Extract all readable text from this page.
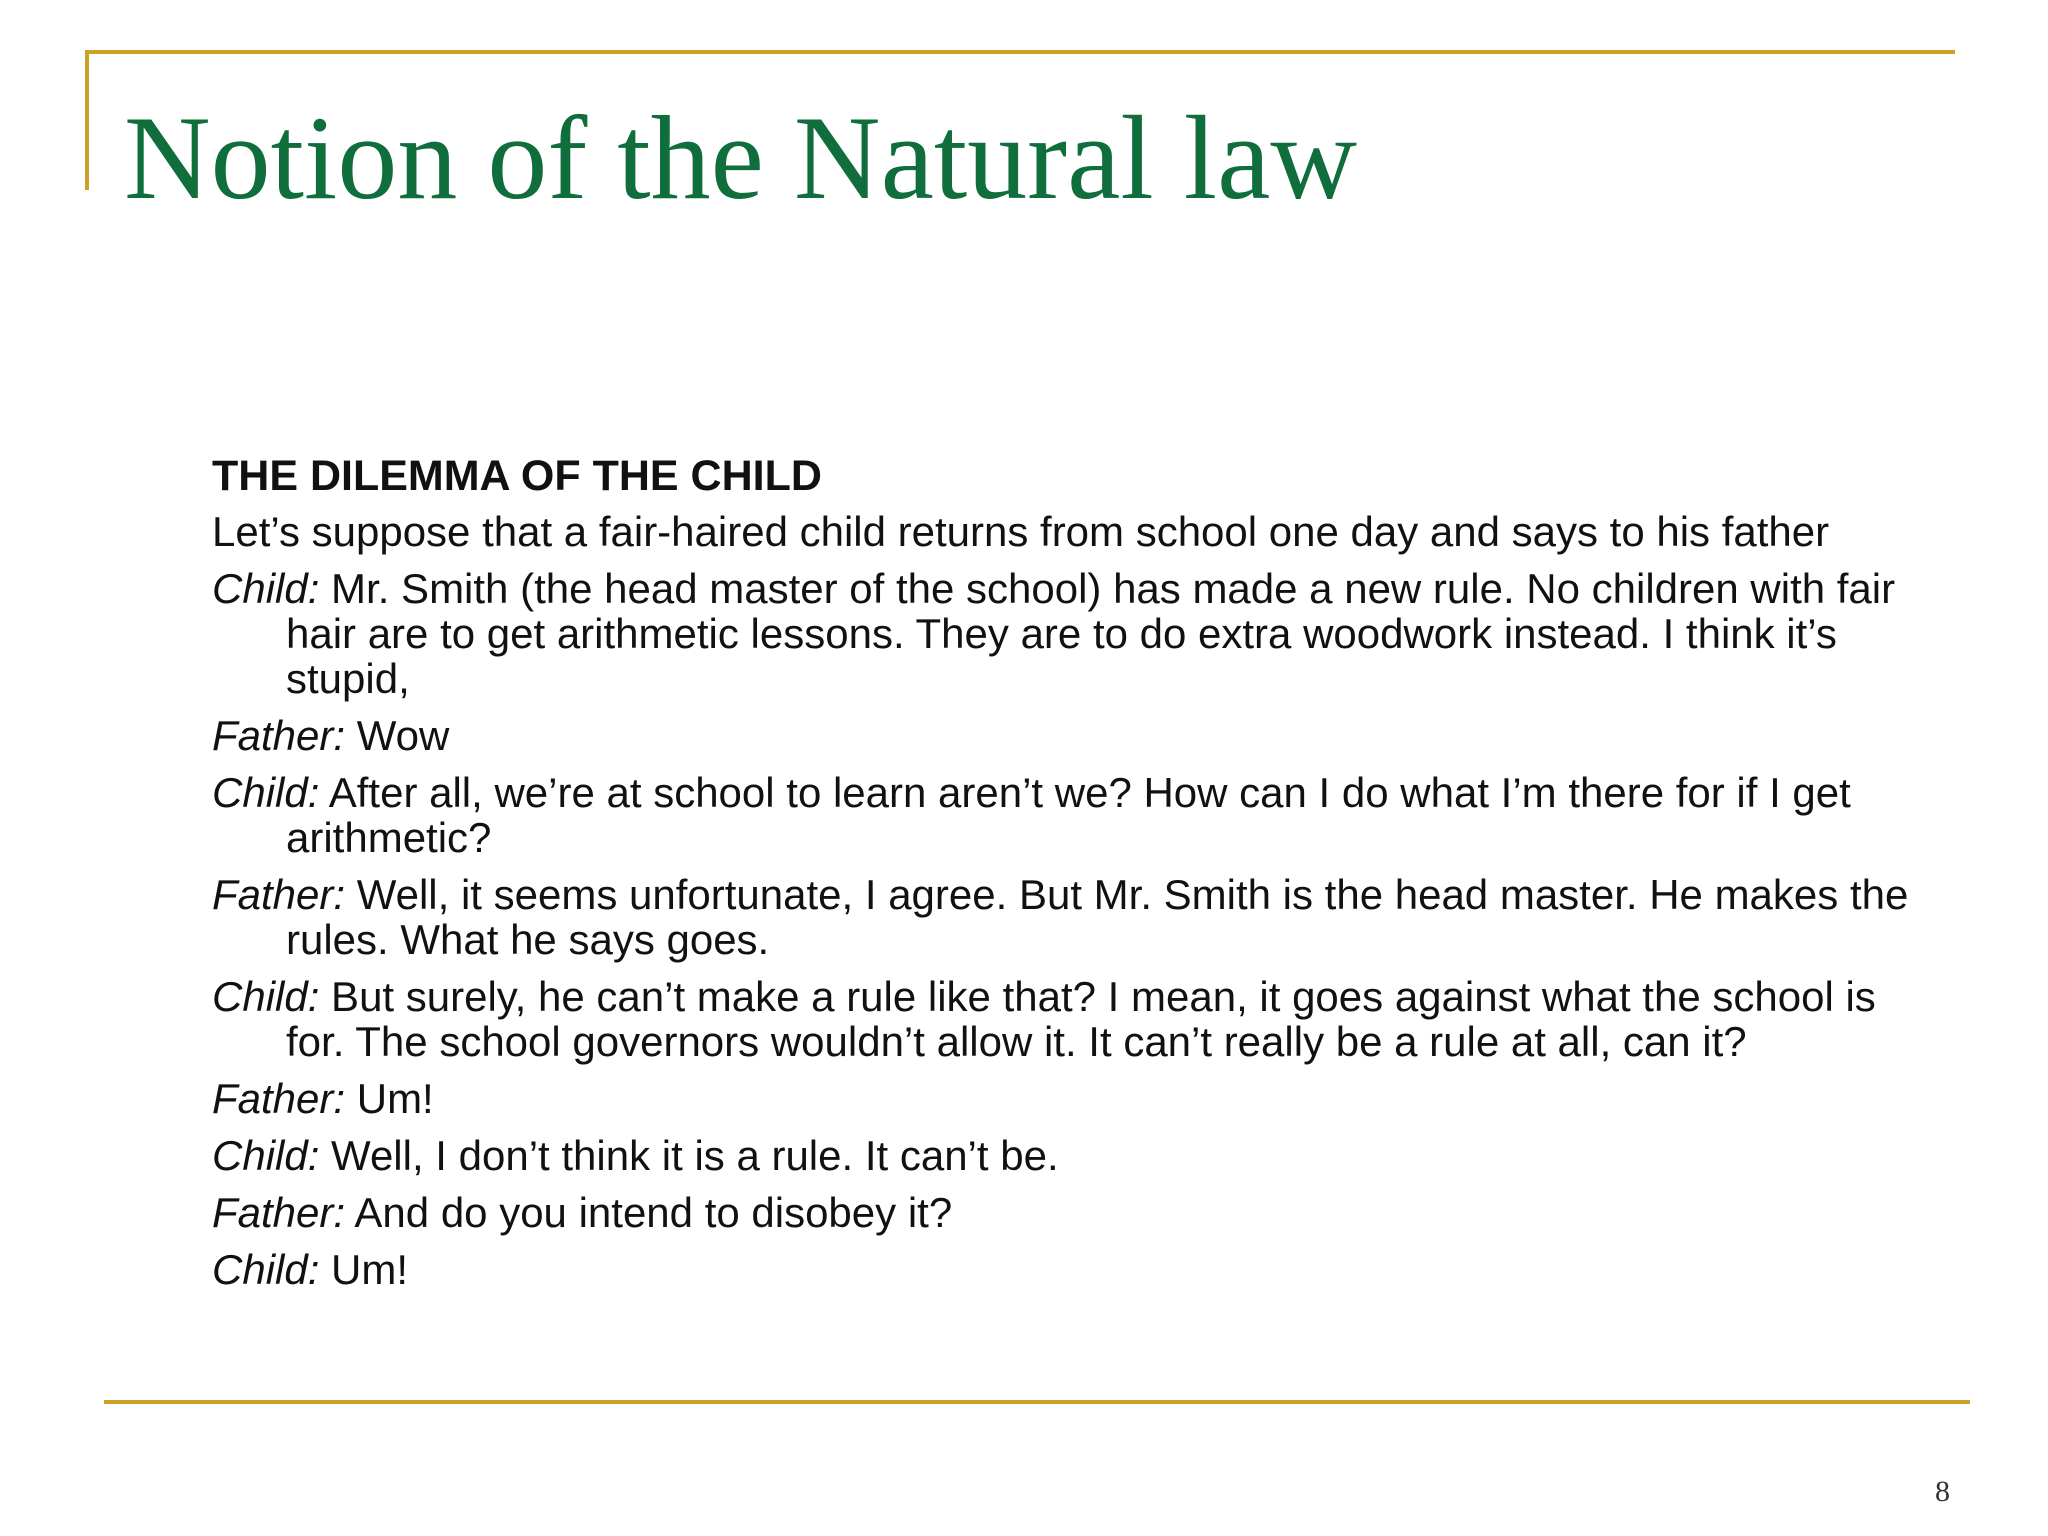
Notion of the Natural law
THE DILEMMA OF THE CHILD
Let’s suppose that a fair-haired child returns from school one day and says to his father
Child: Mr. Smith (the head master of the school) has made a new rule. No children with fair hair are to get arithmetic lessons. They are to do extra woodwork instead. I think it’s stupid,
Father: Wow
Child: After all, we’re at school to learn aren’t we? How can I do what I’m there for if I get arithmetic?
Father: Well, it seems unfortunate, I agree. But Mr. Smith is the head master. He makes the rules. What he says goes.
Child: But surely, he can’t make a rule like that? I mean, it goes against what the school is for. The school governors wouldn’t allow it. It can’t really be a rule at all, can it?
Father: Um!
Child: Well, I don’t think it is a rule. It can’t be.
Father: And do you intend to disobey it?
Child: Um!
8
